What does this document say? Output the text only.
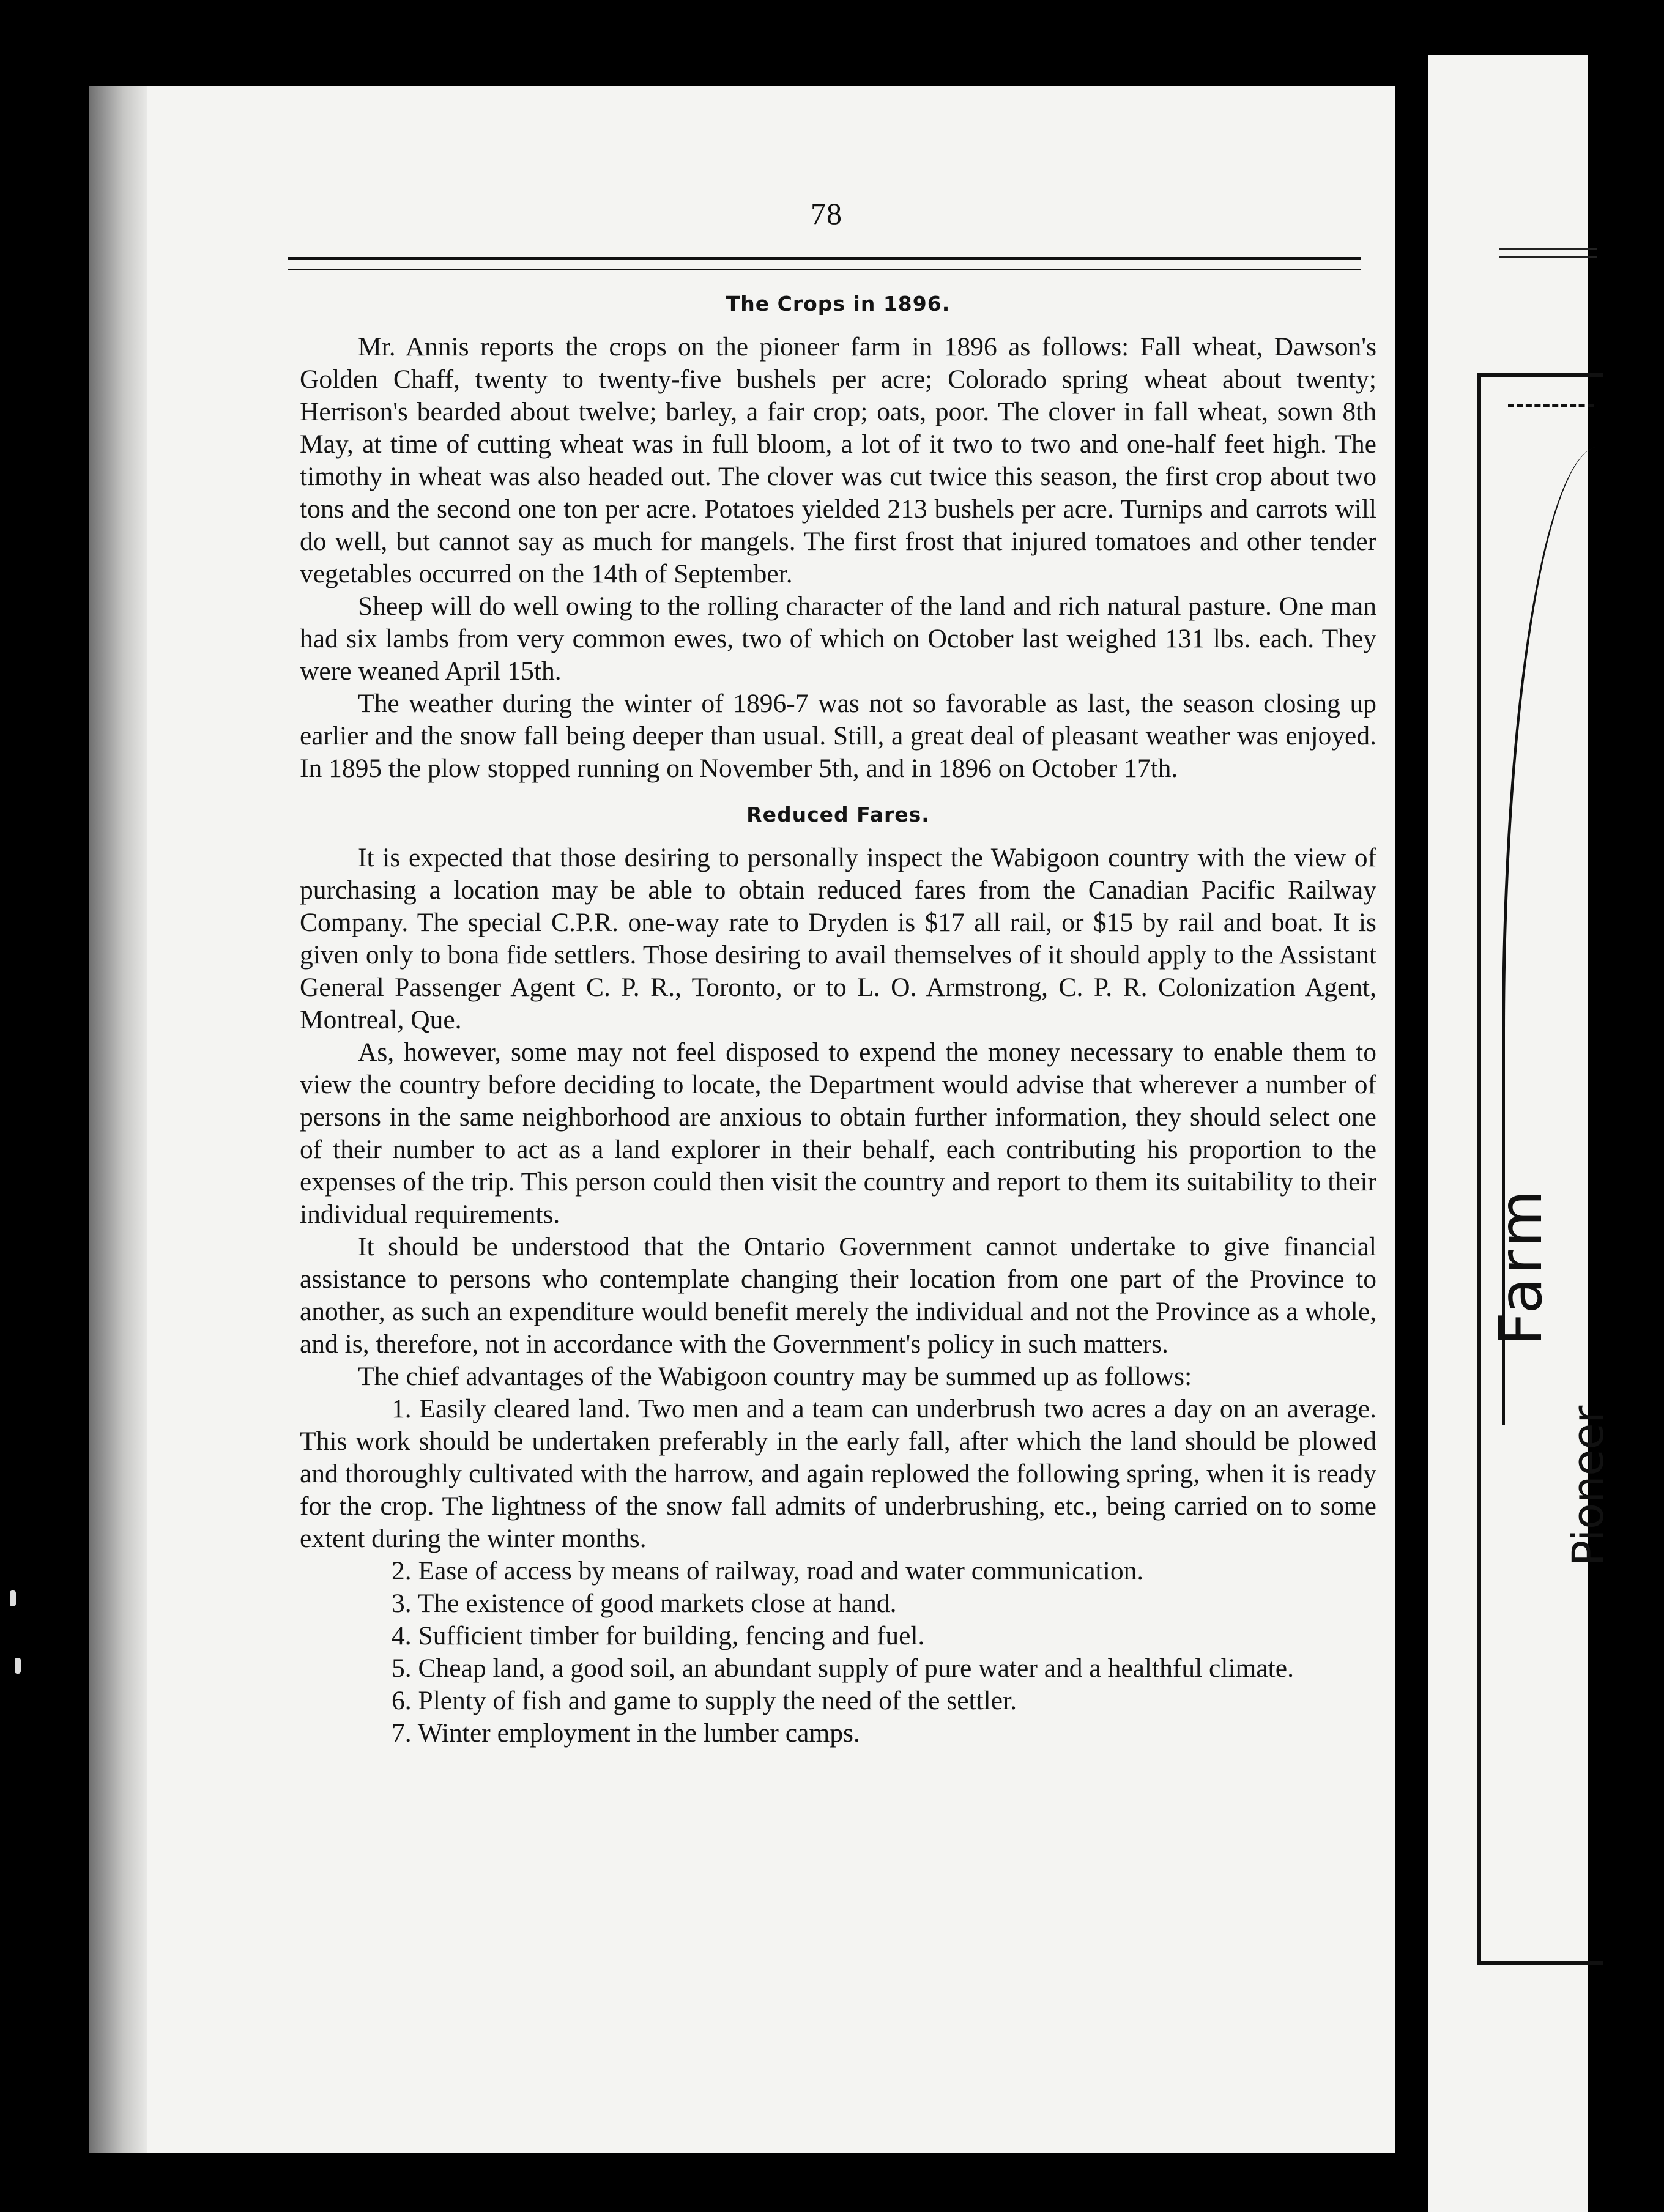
Farm
Pioneer
78
The Crops in 1896.

Mr. Annis reports the crops on the pioneer farm in 1896 as follows: Fall wheat, Dawson's Golden Chaff, twenty to twenty-five bushels per acre; Colorado spring wheat about twenty; Herrison's bearded about twelve; barley, a fair crop; oats, poor. The clover in fall wheat, sown 8th May, at time of cutting wheat was in full bloom, a lot of it two to two and one-half feet high. The timothy in wheat was also headed out. The clover was cut twice this season, the first crop about two tons and the second one ton per acre. Potatoes yielded 213 bushels per acre. Turnips and carrots will do well, but cannot say as much for mangels. The first frost that injured tomatoes and other tender vegetables occurred on the 14th of September.

Sheep will do well owing to the rolling character of the land and rich natural pasture. One man had six lambs from very common ewes, two of which on October last weighed 131 lbs. each. They were weaned April 15th.

The weather during the winter of 1896-7 was not so favorable as last, the season closing up earlier and the snow fall being deeper than usual. Still, a great deal of pleasant weather was enjoyed. In 1895 the plow stopped running on November 5th, and in 1896 on October 17th.

Reduced Fares.

It is expected that those desiring to personally inspect the Wabigoon country with the view of purchasing a location may be able to obtain reduced fares from the Canadian Pacific Railway Company. The special C.P.R. one-way rate to Dryden is $17 all rail, or $15 by rail and boat. It is given only to bona fide settlers. Those desiring to avail themselves of it should apply to the Assistant General Passenger Agent C. P. R., Toronto, or to L. O. Armstrong, C. P. R. Colonization Agent, Montreal, Que.

As, however, some may not feel disposed to expend the money necessary to enable them to view the country before deciding to locate, the Department would advise that wherever a number of persons in the same neighborhood are anxious to obtain further information, they should select one of their number to act as a land explorer in their behalf, each contributing his proportion to the expenses of the trip. This person could then visit the country and report to them its suitability to their individual requirements.

It should be understood that the Ontario Government cannot undertake to give financial assistance to persons who contemplate changing their location from one part of the Province to another, as such an expenditure would benefit merely the individual and not the Province as a whole, and is, therefore, not in accordance with the Government's policy in such matters.

The chief advantages of the Wabigoon country may be summed up as follows:

1. Easily cleared land. Two men and a team can underbrush two acres a day on an average. This work should be undertaken preferably in the early fall, after which the land should be plowed and thoroughly cultivated with the harrow, and again replowed the following spring, when it is ready for the crop. The lightness of the snow fall admits of underbrushing, etc., being carried on to some extent during the winter months.

2. Ease of access by means of railway, road and water communication.

3. The existence of good markets close at hand.

4. Sufficient timber for building, fencing and fuel.

5. Cheap land, a good soil, an abundant supply of pure water and a healthful climate.

6. Plenty of fish and game to supply the need of the settler.

7. Winter employment in the lumber camps.
